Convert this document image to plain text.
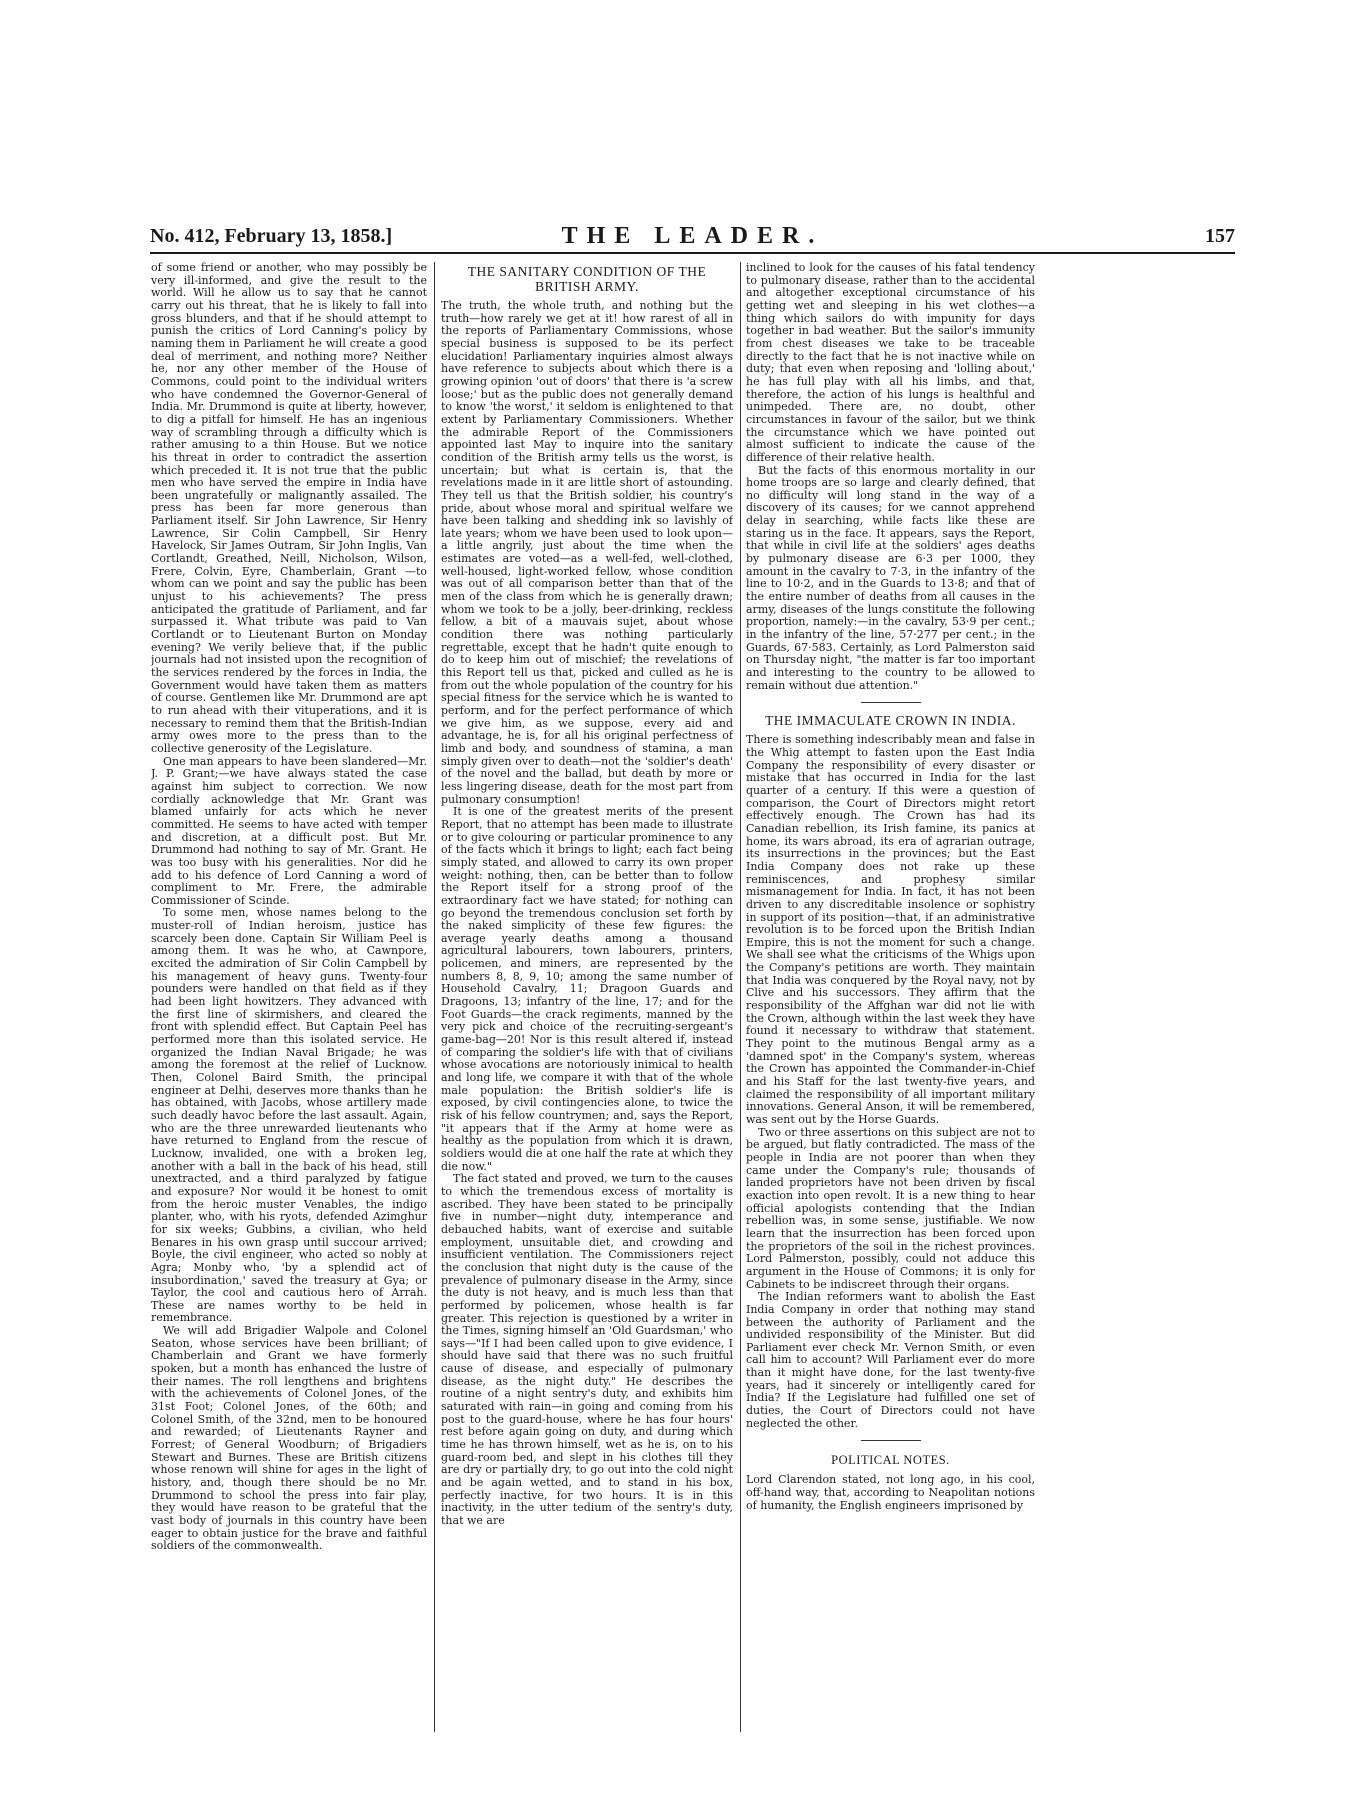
No. 412, February 13, 1858.]	THE LEADER.	157

of some friend or another, who may possibly be very ill-informed, and give the result to the world. Will he allow us to say that he cannot carry out his threat, that he is likely to fall into gross blunders, and that if he should attempt to punish the critics of Lord Canning's policy by naming them in Parliament he will create a good deal of merriment, and nothing more? Neither he, nor any other member of the House of Commons, could point to the individual writers who have condemned the Governor-General of India. Mr. Drummond is quite at liberty, however, to dig a pitfall for himself. He has an ingenious way of scrambling through a difficulty which is rather amusing to a thin House. But we notice his threat in order to contradict the assertion which preceded it. It is not true that the public men who have served the empire in India have been ungratefully or malignantly assailed. The press has been far more generous than Parliament itself. Sir John Lawrence, Sir Henry Lawrence, Sir Colin Campbell, Sir Henry Havelock, Sir James Outram, Sir John Inglis, Van Cortlandt, Greathed, Neill, Nicholson, Wilson, Frere, Colvin, Eyre, Chamberlain, Grant —to whom can we point and say the public has been unjust to his achievements? The press anticipated the gratitude of Parliament, and far surpassed it. What tribute was paid to Van Cortlandt or to Lieutenant Burton on Monday evening? We verily believe that, if the public journals had not insisted upon the recognition of the services rendered by the forces in India, the Government would have taken them as matters of course. Gentlemen like Mr. Drummond are apt to run ahead with their vituperations, and it is necessary to remind them that the British-Indian army owes more to the press than to the collective generosity of the Legislature.

One man appears to have been slandered—Mr. J. P. Grant;—we have always stated the case against him subject to correction. We now cordially acknowledge that Mr. Grant was blamed unfairly for acts which he never committed. He seems to have acted with temper and discretion, at a difficult post. But Mr. Drummond had nothing to say of Mr. Grant. He was too busy with his generalities. Nor did he add to his defence of Lord Canning a word of compliment to Mr. Frere, the admirable Commissioner of Scinde.

To some men, whose names belong to the muster-roll of Indian heroism, justice has scarcely been done. Captain Sir William Peel is among them. It was he who, at Cawnpore, excited the admiration of Sir Colin Campbell by his management of heavy guns. Twenty-four pounders were handled on that field as if they had been light howitzers. They advanced with the first line of skirmishers, and cleared the front with splendid effect. But Captain Peel has performed more than this isolated service. He organized the Indian Naval Brigade; he was among the foremost at the relief of Lucknow. Then, Colonel Baird Smith, the principal engineer at Delhi, deserves more thanks than he has obtained, with Jacobs, whose artillery made such deadly havoc before the last assault. Again, who are the three unrewarded lieutenants who have returned to England from the rescue of Lucknow, invalided, one with a broken leg, another with a ball in the back of his head, still unextracted, and a third paralyzed by fatigue and exposure? Nor would it be honest to omit from the heroic muster Venables, the indigo planter, who, with his ryots, defended Azimghur for six weeks; Gubbins, a civilian, who held Benares in his own grasp until succour arrived; Boyle, the civil engineer, who acted so nobly at Agra; Monby who, 'by a splendid act of insubordination,' saved the treasury at Gya; or Taylor, the cool and cautious hero of Arrah. These are names worthy to be held in remembrance.

We will add Brigadier Walpole and Colonel Seaton, whose services have been brilliant; of Chamberlain and Grant we have formerly spoken, but a month has enhanced the lustre of their names. The roll lengthens and brightens with the achievements of Colonel Jones, of the 31st Foot; Colonel Jones, of the 60th; and Colonel Smith, of the 32nd, men to be honoured and rewarded; of Lieutenants Rayner and Forrest; of General Woodburn; of Brigadiers Stewart and Burnes. These are British citizens whose renown will shine for ages in the light of history, and, though there should be no Mr. Drummond to school the press into fair play, they would have reason to be grateful that the vast body of journals in this country have been eager to obtain justice for the brave and faithful soldiers of the commonwealth.

THE SANITARY CONDITION OF THE BRITISH ARMY.

The truth, the whole truth, and nothing but the truth—how rarely we get at it! how rarest of all in the reports of Parliamentary Commissions, whose special business is supposed to be its perfect elucidation! Parliamentary inquiries almost always have reference to subjects about which there is a growing opinion 'out of doors' that there is 'a screw loose;' but as the public does not generally demand to know 'the worst,' it seldom is enlightened to that extent by Parliamentary Commissioners. Whether the admirable Report of the Commissioners appointed last May to inquire into the sanitary condition of the British army tells us the worst, is uncertain; but what is certain is, that the revelations made in it are little short of astounding. They tell us that the British soldier, his country's pride, about whose moral and spiritual welfare we have been talking and shedding ink so lavishly of late years; whom we have been used to look upon—a little angrily, just about the time when the estimates are voted—as a well-fed, well-clothed, well-housed, light-worked fellow, whose condition was out of all comparison better than that of the men of the class from which he is generally drawn; whom we took to be a jolly, beer-drinking, reckless fellow, a bit of a mauvais sujet, about whose condition there was nothing particularly regrettable, except that he hadn't quite enough to do to keep him out of mischief; the revelations of this Report tell us that, picked and culled as he is from out the whole population of the country for his special fitness for the service which he is wanted to perform, and for the perfect performance of which we give him, as we suppose, every aid and advantage, he is, for all his original perfectness of limb and body, and soundness of stamina, a man simply given over to death—not the 'soldier's death' of the novel and the ballad, but death by more or less lingering disease, death for the most part from pulmonary consumption!

It is one of the greatest merits of the present Report, that no attempt has been made to illustrate or to give colouring or particular prominence to any of the facts which it brings to light; each fact being simply stated, and allowed to carry its own proper weight: nothing, then, can be better than to follow the Report itself for a strong proof of the extraordinary fact we have stated; for nothing can go beyond the tremendous conclusion set forth by the naked simplicity of these few figures: the average yearly deaths among a thousand agricultural labourers, town labourers, printers, policemen, and miners, are represented by the numbers 8, 8, 9, 10; among the same number of Household Cavalry, 11; Dragoon Guards and Dragoons, 13; infantry of the line, 17; and for the Foot Guards—the crack regiments, manned by the very pick and choice of the recruiting-sergeant's game-bag—20! Nor is this result altered if, instead of comparing the soldier's life with that of civilians whose avocations are notoriously inimical to health and long life, we compare it with that of the whole male population: the British soldier's life is exposed, by civil contingencies alone, to twice the risk of his fellow countrymen; and, says the Report, "it appears that if the Army at home were as healthy as the population from which it is drawn, soldiers would die at one half the rate at which they die now."

The fact stated and proved, we turn to the causes to which the tremendous excess of mortality is ascribed. They have been stated to be principally five in number—night duty, intemperance and debauched habits, want of exercise and suitable employment, unsuitable diet, and crowding and insufficient ventilation. The Commissioners reject the conclusion that night duty is the cause of the prevalence of pulmonary disease in the Army, since the duty is not heavy, and is much less than that performed by policemen, whose health is far greater. This rejection is questioned by a writer in the Times, signing himself an 'Old Guardsman,' who says—"If I had been called upon to give evidence, I should have said that there was no such fruitful cause of disease, and especially of pulmonary disease, as the night duty." He describes the routine of a night sentry's duty, and exhibits him saturated with rain—in going and coming from his post to the guard-house, where he has four hours' rest before again going on duty, and during which time he has thrown himself, wet as he is, on to his guard-room bed, and slept in his clothes till they are dry or partially dry, to go out into the cold night and be again wetted, and to stand in his box, perfectly inactive, for two hours. It is in this inactivity, in the utter tedium of the sentry's duty, that we are

inclined to look for the causes of his fatal tendency to pulmonary disease, rather than to the accidental and altogether exceptional circumstance of his getting wet and sleeping in his wet clothes—a thing which sailors do with impunity for days together in bad weather. But the sailor's immunity from chest diseases we take to be traceable directly to the fact that he is not inactive while on duty; that even when reposing and 'lolling about,' he has full play with all his limbs, and that, therefore, the action of his lungs is healthful and unimpeded. There are, no doubt, other circumstances in favour of the sailor, but we think the circumstance which we have pointed out almost sufficient to indicate the cause of the difference of their relative health.

But the facts of this enormous mortality in our home troops are so large and clearly defined, that no difficulty will long stand in the way of a discovery of its causes; for we cannot apprehend delay in searching, while facts like these are staring us in the face. It appears, says the Report, that while in civil life at the soldiers' ages deaths by pulmonary disease are 6·3 per 1000, they amount in the cavalry to 7·3, in the infantry of the line to 10·2, and in the Guards to 13·8; and that of the entire number of deaths from all causes in the army, diseases of the lungs constitute the following proportion, namely:—in the cavalry, 53·9 per cent.; in the infantry of the line, 57·277 per cent.; in the Guards, 67·583. Certainly, as Lord Palmerston said on Thursday night, "the matter is far too important and interesting to the country to be allowed to remain without due attention."

THE IMMACULATE CROWN IN INDIA.

There is something indescribably mean and false in the Whig attempt to fasten upon the East India Company the responsibility of every disaster or mistake that has occurred in India for the last quarter of a century. If this were a question of comparison, the Court of Directors might retort effectively enough. The Crown has had its Canadian rebellion, its Irish famine, its panics at home, its wars abroad, its era of agrarian outrage, its insurrections in the provinces; but the East India Company does not rake up these reminiscences, and prophesy similar mismanagement for India. In fact, it has not been driven to any discreditable insolence or sophistry in support of its position—that, if an administrative revolution is to be forced upon the British Indian Empire, this is not the moment for such a change. We shall see what the criticisms of the Whigs upon the Company's petitions are worth. They maintain that India was conquered by the Royal navy, not by Clive and his successors. They affirm that the responsibility of the Affghan war did not lie with the Crown, although within the last week they have found it necessary to withdraw that statement. They point to the mutinous Bengal army as a 'damned spot' in the Company's system, whereas the Crown has appointed the Commander-in-Chief and his Staff for the last twenty-five years, and claimed the responsibility of all important military innovations. General Anson, it will be remembered, was sent out by the Horse Guards.

Two or three assertions on this subject are not to be argued, but flatly contradicted. The mass of the people in India are not poorer than when they came under the Company's rule; thousands of landed proprietors have not been driven by fiscal exaction into open revolt. It is a new thing to hear official apologists contending that the Indian rebellion was, in some sense, justifiable. We now learn that the insurrection has been forced upon the proprietors of the soil in the richest provinces. Lord Palmerston, possibly, could not adduce this argument in the House of Commons; it is only for Cabinets to be indiscreet through their organs.

The Indian reformers want to abolish the East India Company in order that nothing may stand between the authority of Parliament and the undivided responsibility of the Minister. But did Parliament ever check Mr. Vernon Smith, or even call him to account? Will Parliament ever do more than it might have done, for the last twenty-five years, had it sincerely or intelligently cared for India? If the Legislature had fulfilled one set of duties, the Court of Directors could not have neglected the other.

POLITICAL NOTES.

Lord Clarendon stated, not long ago, in his cool, off-hand way, that, according to Neapolitan notions of humanity, the English engineers imprisoned by
